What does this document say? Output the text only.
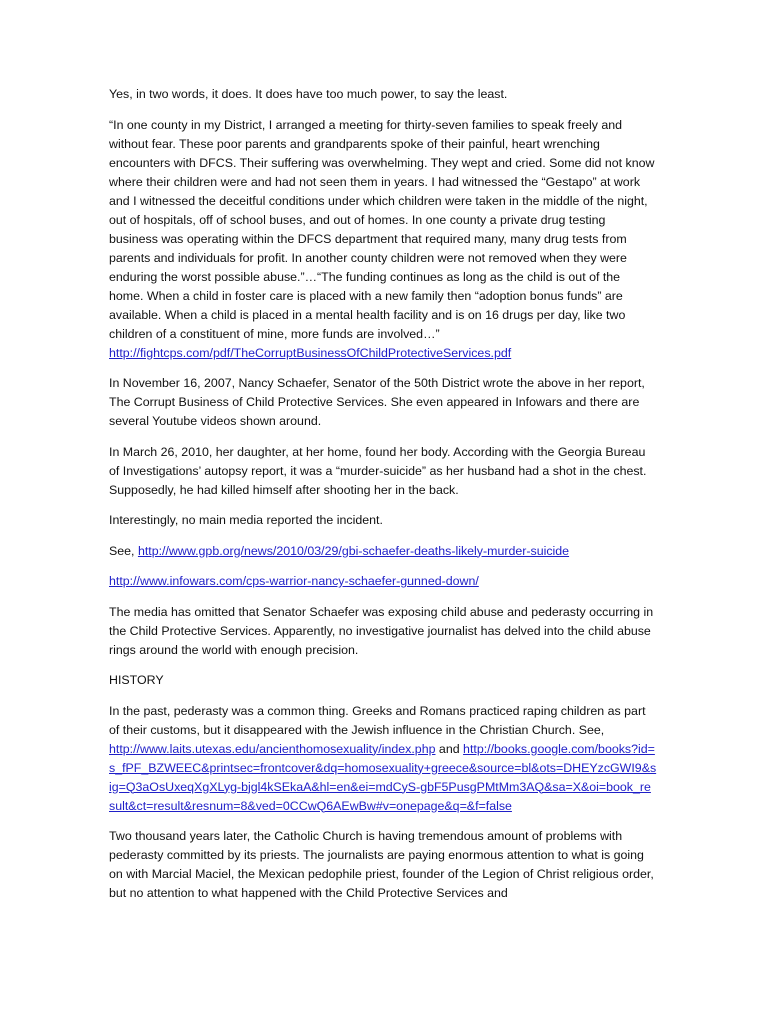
Yes, in two words, it does. It does have too much power, to say the least.

“In one county in my District, I arranged a meeting for thirty-seven families to speak freely and without fear. These poor parents and grandparents spoke of their painful, heart wrenching encounters with DFCS. Their suffering was overwhelming. They wept and cried. Some did not know where their children were and had not seen them in years. I had witnessed the “Gestapo” at work and I witnessed the deceitful conditions under which children were taken in the middle of the night, out of hospitals, off of school buses, and out of homes. In one county a private drug testing business was operating within the DFCS department that required many, many drug tests from parents and individuals for profit. In another county children were not removed when they were enduring the worst possible abuse.”…“The funding continues as long as the child is out of the home. When a child in foster care is placed with a new family then “adoption bonus funds” are available. When a child is placed in a mental health facility and is on 16 drugs per day, like two children of a constituent of mine, more funds are involved…”
http://fightcps.com/pdf/TheCorruptBusinessOfChildProtectiveServices.pdf

In November 16, 2007, Nancy Schaefer, Senator of the 50th District wrote the above in her report, The Corrupt Business of Child Protective Services. She even appeared in Infowars and there are several Youtube videos shown around.

In March 26, 2010, her daughter, at her home, found her body. According with the Georgia Bureau of Investigations’ autopsy report, it was a “murder-suicide” as her husband had a shot in the chest. Supposedly, he had killed himself after shooting her in the back.

Interestingly, no main media reported the incident.

See, http://www.gpb.org/news/2010/03/29/gbi-schaefer-deaths-likely-murder-suicide

http://www.infowars.com/cps-warrior-nancy-schaefer-gunned-down/

The media has omitted that Senator Schaefer was exposing child abuse and pederasty occurring in the Child Protective Services. Apparently, no investigative journalist has delved into the child abuse rings around the world with enough precision.

HISTORY

In the past, pederasty was a common thing. Greeks and Romans practiced raping children as part of their customs, but it disappeared with the Jewish influence in the Christian Church. See, http://www.laits.utexas.edu/ancienthomosexuality/index.php and http://books.google.com/books?id=s_fPF_BZWEEC&printsec=frontcover&dq=homosexuality+greece&source=bl&ots=DHEYzcGWI9&sig=Q3aOsUxeqXgXLyg-bjgl4kSEkaA&hl=en&ei=mdCyS-gbF5PusgPMtMm3AQ&sa=X&oi=book_result&ct=result&resnum=8&ved=0CCwQ6AEwBw#v=onepage&q=&f=false

Two thousand years later, the Catholic Church is having tremendous amount of problems with pederasty committed by its priests. The journalists are paying enormous attention to what is going on with Marcial Maciel, the Mexican pedophile priest, founder of the Legion of Christ religious order, but no attention to what happened with the Child Protective Services and
